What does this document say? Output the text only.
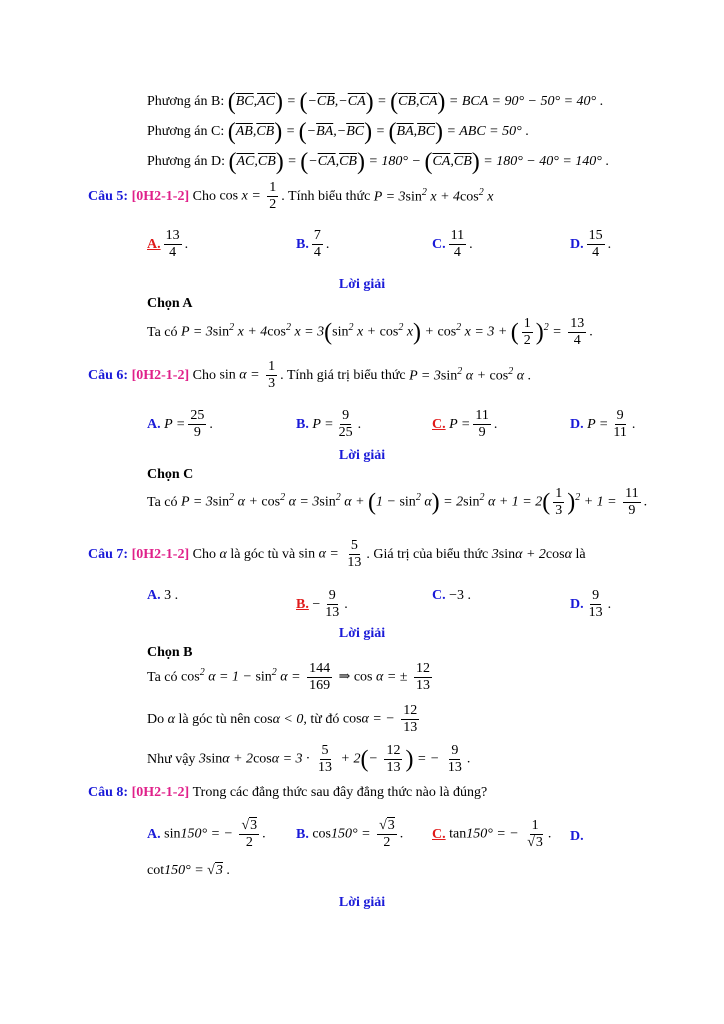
Phương án B: $(\overline{BC},\overline{AC}) = (-\overline{CB},-\overline{CA}) = (\overline{CB},\overline{CA})$ = BCA = 90° − 50° = 40° .
Phương án C: $(\overline{AB},\overline{CB}) = (-\overline{BA},-\overline{BC}) = (\overline{BA},\overline{BC})$ = ABC = 50° .
Phương án D: $(\overline{AC},\overline{CB}) = (-\overline{CA},\overline{CB}) = 180^\circ - (\overline{CA},\overline{CB}) = 180^\circ - 40^\circ = 140^\circ$ .
Câu 5:
[0H2-1-2]
Cho
$\cos x = \frac{1}{2}$ . Tính biểu thức
$P = 3\sin^2$ $x + 4\cos^2$ x
A. $\frac{13}{4}$ .	B. $\frac{7}{4}$ .	C. $\frac{11}{4}$ .	D. $\frac{15}{4}$ .
Lời giải
Chọn A
Ta có
$P = 3\sin^2$ $x + 4\cos^2$ $x = 3(\sin^2$ $x + \cos^2 x) + \cos^2 x = 3$ + ( $\frac{1}{2} )^2 = \frac{13}{4}$ .
Câu 6:
[0H2-1-2]
Cho
$\sin \alpha = \frac{1}{3}$ . Tính giá trị biểu thức
$P = 3\sin^2$ $\alpha + \cos^2 \alpha$ .
A.
$P = \frac{25}{9}$ .	B.
$P = \frac{9}{25}$ .	C.
$P = \frac{11}{9}$ .	D.
$P = \frac{9}{11}$ .
Lời giải
Chọn C
Ta có
$P = 3\sin^2$ $\alpha + \cos^2 \alpha = 3\sin^2$ $\alpha + (1 - \sin^2 \alpha) = 2\sin^2$ $\alpha + 1 = 2( \frac{1}{3} )^2 + 1 = \frac{11}{9}$ .
Câu 7:
[0H2-1-2]
Cho
α
là góc tù và
$\sin \alpha = \frac{5}{13}$ . Giá trị của biểu thức
3sinα + 2cosα
là
A.
3 .
B. − $\frac{9}{13}$ .
C.
−3 .
D. $\frac{9}{13}$ .
Lời giải
Chọn B
Ta có
$\cos^2 \alpha = 1 - \sin^2 \alpha = \frac{144}{169}$ ⇒ cos α = ± $\frac{12}{13}$
Do
α
là góc tù nên
cosα < 0 , từ đó
cosα = − $\frac{12}{13}$
Như vậy
$3\sin\alpha + 2\cos\alpha = 3 \cdot \frac{5}{13} + 2(- \frac{12}{13}$ ) = − $\frac{9}{13}$ .
Câu 8:
[0H2-1-2]
Trong các đẳng thức sau đây đẳng thức nào là đúng?
A.
sin150° = − $\frac{√3}{2}$ . B.
$\cos 150^\circ = \frac{√3}{2}$ . C.
tan150° = − $\frac{1}{√3}$ . D.
cot150° = √3 .
Lời giải
